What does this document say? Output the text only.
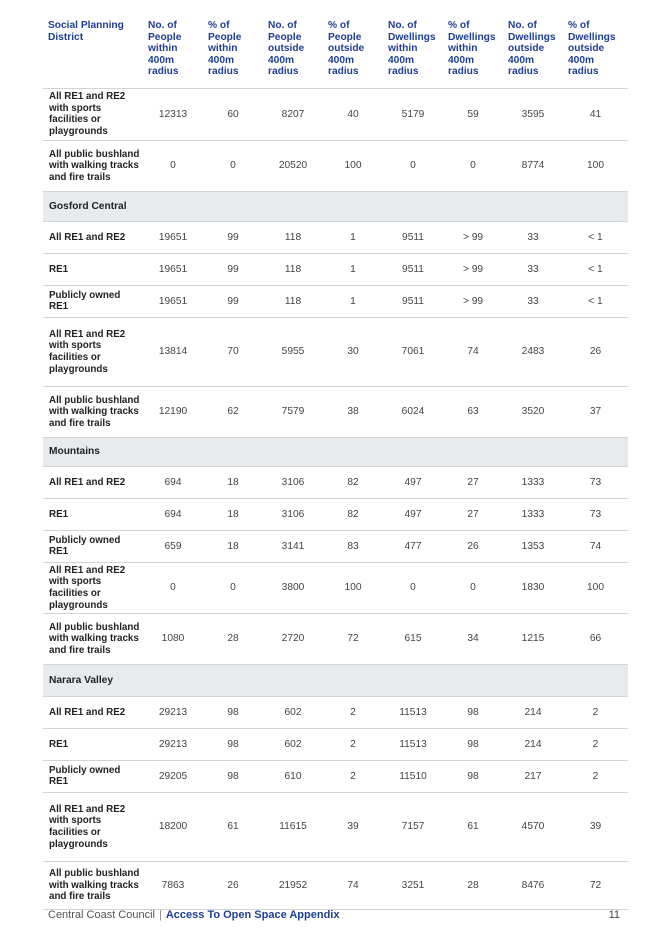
Social Planning District	No. of People within 400m radius	% of People within 400m radius	No. of People outside 400m radius	% of People outside 400m radius	No. of Dwellings within 400m radius	% of Dwellings within 400m radius	No. of Dwellings outside 400m radius	% of Dwellings outside 400m radius
All RE1 and RE2 with sports facilities or playgrounds	12313	60	8207	40	5179	59	3595	41
All public bushland with walking tracks and fire trails	0	0	20520	100	0	0	8774	100
Gosford Central								
All RE1 and RE2	19651	99	118	1	9511	> 99	33	< 1
RE1	19651	99	118	1	9511	> 99	33	< 1
Publicly owned RE1	19651	99	118	1	9511	> 99	33	< 1
All RE1 and RE2 with sports facilities or playgrounds	13814	70	5955	30	7061	74	2483	26
All public bushland with walking tracks and fire trails	12190	62	7579	38	6024	63	3520	37
Mountains								
All RE1 and RE2	694	18	3106	82	497	27	1333	73
RE1	694	18	3106	82	497	27	1333	73
Publicly owned RE1	659	18	3141	83	477	26	1353	74
All RE1 and RE2 with sports facilities or playgrounds	0	0	3800	100	0	0	1830	100
All public bushland with walking tracks and fire trails	1080	28	2720	72	615	34	1215	66
Narara Valley								
All RE1 and RE2	29213	98	602	2	11513	98	214	2
RE1	29213	98	602	2	11513	98	214	2
Publicly owned RE1	29205	98	610	2	11510	98	217	2
All RE1 and RE2 with sports facilities or playgrounds	18200	61	11615	39	7157	61	4570	39
All public bushland with walking tracks and fire trails	7863	26	21952	74	3251	28	8476	72
Central Coast Council | Access To Open Space Appendix	11
